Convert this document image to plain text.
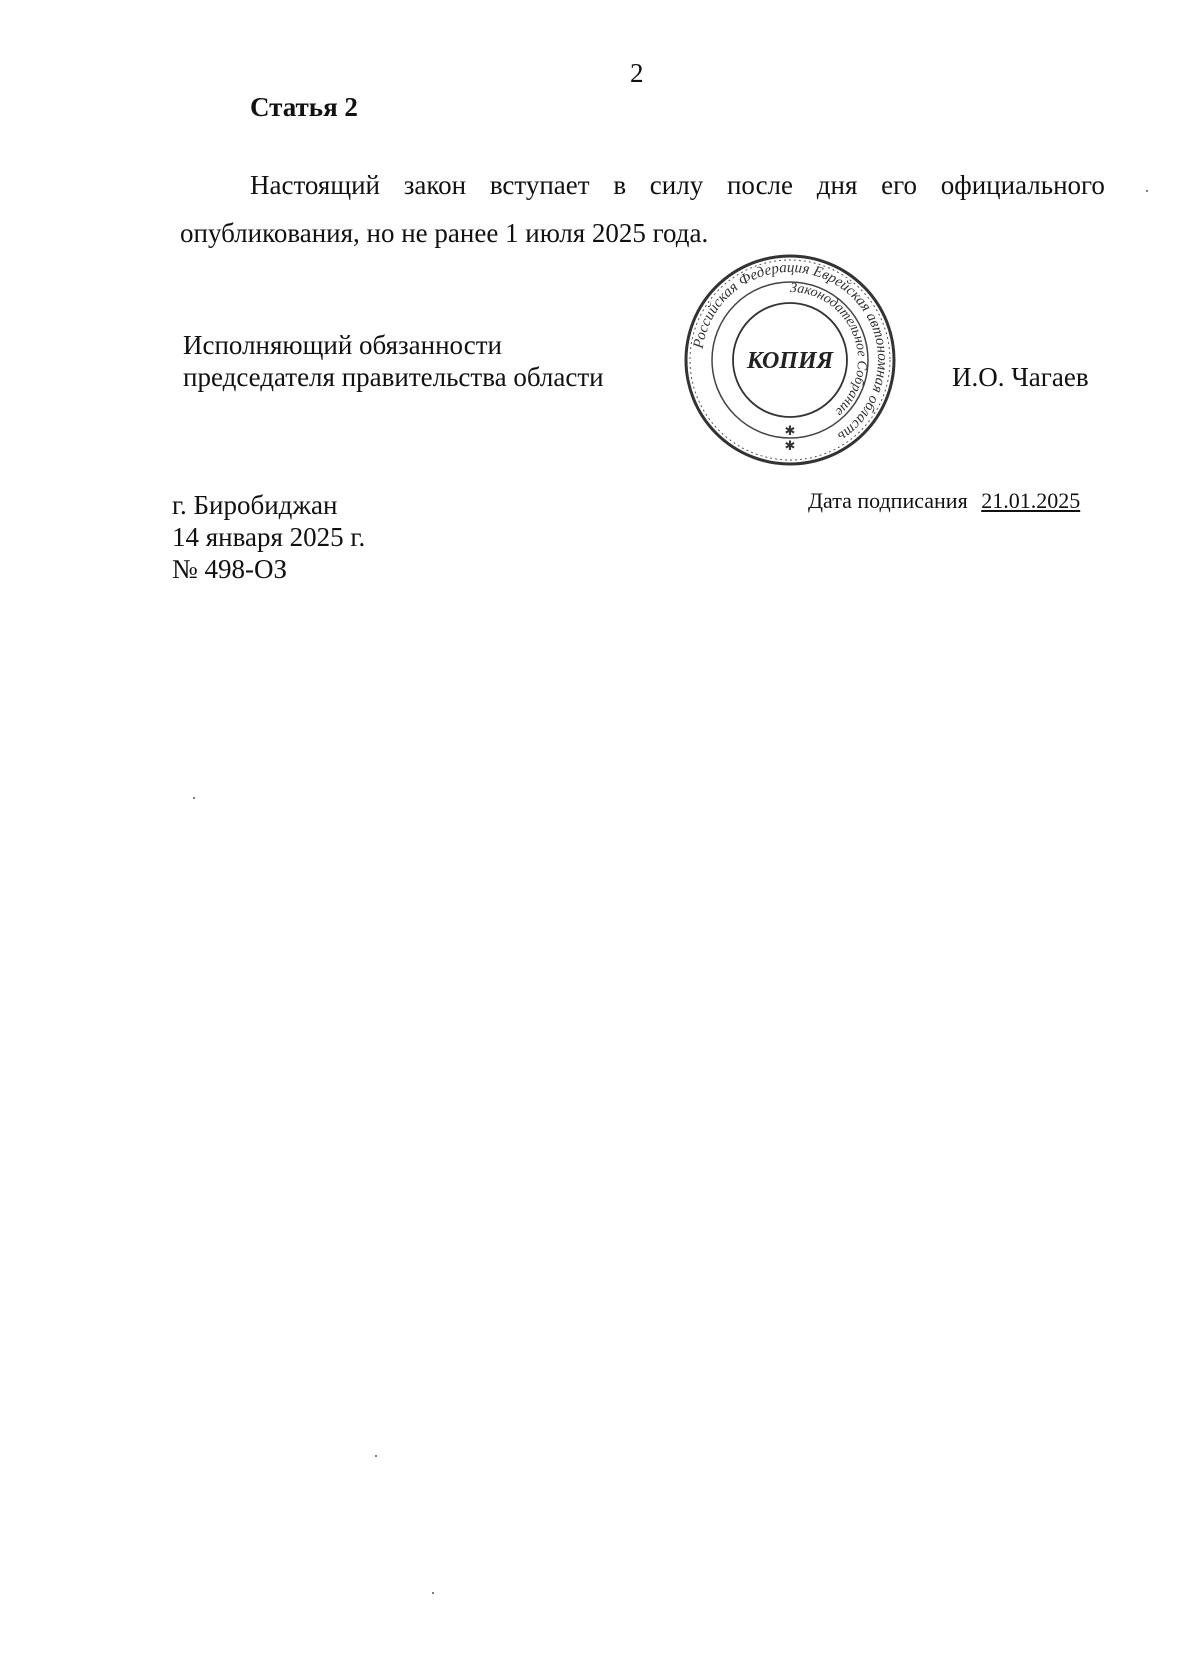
2
Статья 2
Настоящий закон вступает в силу после дня его официального
опубликования, но не ранее 1 июля 2025 года.
Исполняющий обязанности
председателя правительства области
Российская Федерация Еврейская автономная область
Законодательное Собрание
КОПИЯ
✱
✱
И.О. Чагаев
г. Биробиджан
14 января 2025 г.
№ 498-ОЗ
Дата подписания 21.01.2025
